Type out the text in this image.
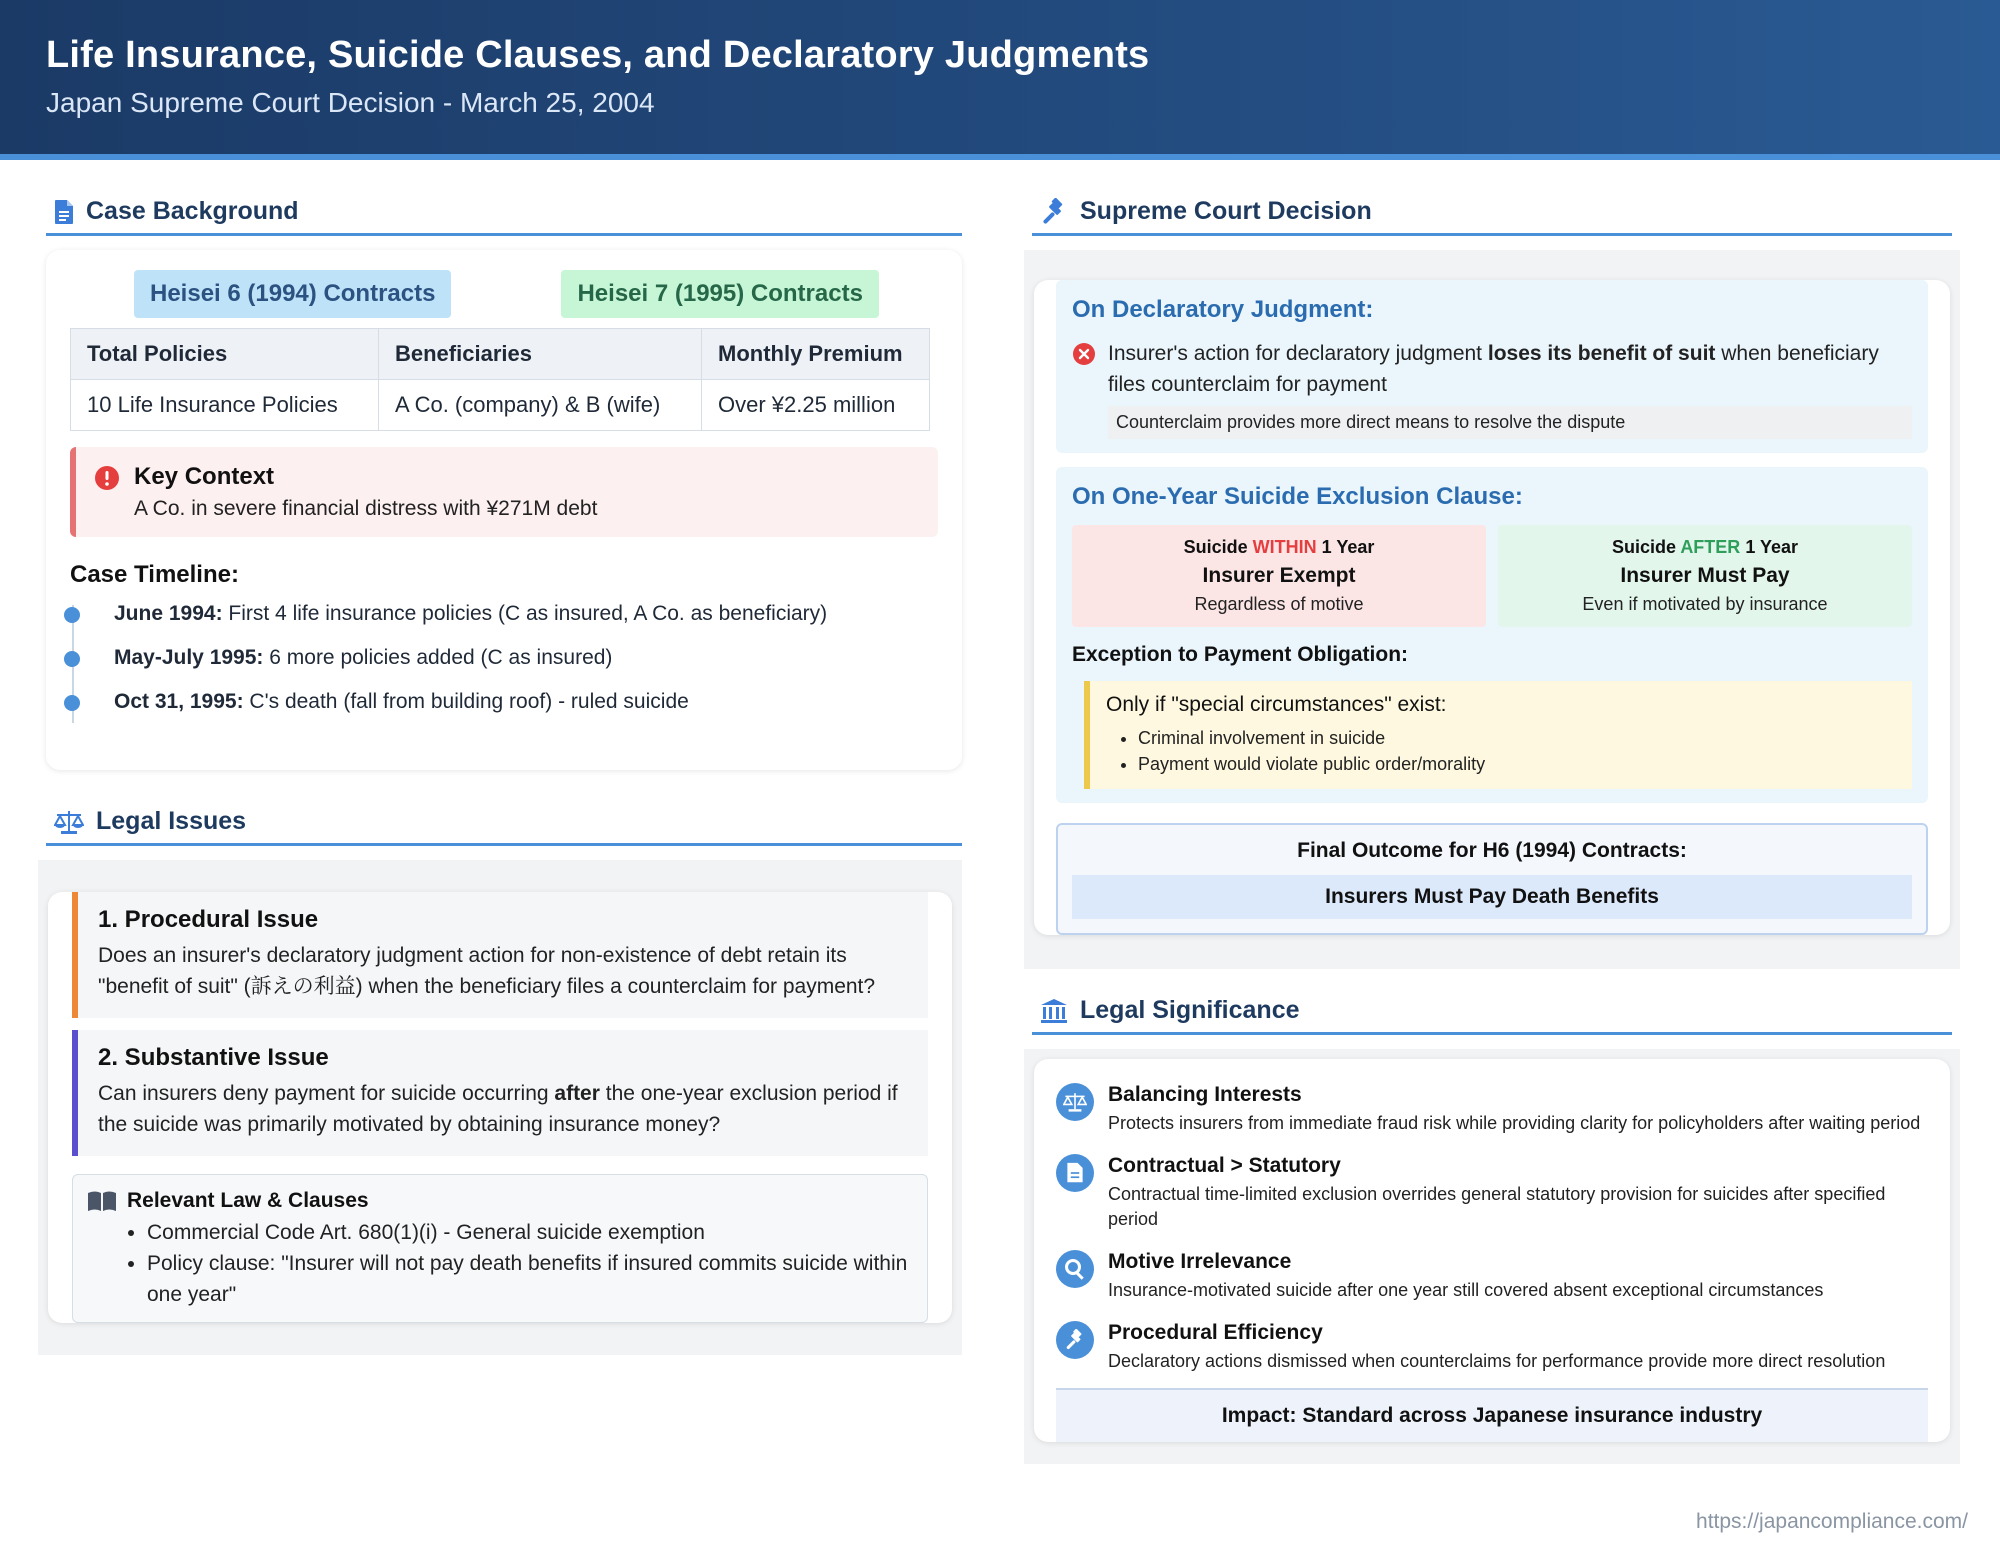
Life Insurance, Suicide Clauses, and Declaratory Judgments
Japan Supreme Court Decision - March 25, 2004
Case Background
Heisei 6 (1994) Contracts	Heisei 7 (1995) Contracts
Total Policies	Beneficiaries	Monthly Premium
10 Life Insurance Policies	A Co. (company) & B (wife)	Over ¥2.25 million
Key Context
A Co. in severe financial distress with ¥271M debt
Case Timeline:
June 1994: First 4 life insurance policies (C as insured, A Co. as beneficiary)
May-July 1995: 6 more policies added (C as insured)
Oct 31, 1995: C's death (fall from building roof) - ruled suicide
Legal Issues
1. Procedural Issue
Does an insurer's declaratory judgment action for non-existence of debt retain its "benefit of suit" (訴えの利益) when the beneficiary files a counterclaim for payment?
2. Substantive Issue
Can insurers deny payment for suicide occurring after the one-year exclusion period if the suicide was primarily motivated by obtaining insurance money?
Relevant Law & Clauses
• Commercial Code Art. 680(1)(i) - General suicide exemption
• Policy clause: "Insurer will not pay death benefits if insured commits suicide within one year"
Supreme Court Decision
On Declaratory Judgment:
Insurer's action for declaratory judgment loses its benefit of suit when beneficiary files counterclaim for payment
Counterclaim provides more direct means to resolve the dispute
On One-Year Suicide Exclusion Clause:
Suicide WITHIN 1 Year
Insurer Exempt
Regardless of motive
Suicide AFTER 1 Year
Insurer Must Pay
Even if motivated by insurance
Exception to Payment Obligation:
Only if "special circumstances" exist:
• Criminal involvement in suicide
• Payment would violate public order/morality
Final Outcome for H6 (1994) Contracts:
Insurers Must Pay Death Benefits
Legal Significance
Balancing Interests
Protects insurers from immediate fraud risk while providing clarity for policyholders after waiting period
Contractual > Statutory
Contractual time-limited exclusion overrides general statutory provision for suicides after specified period
Motive Irrelevance
Insurance-motivated suicide after one year still covered absent exceptional circumstances
Procedural Efficiency
Declaratory actions dismissed when counterclaims for performance provide more direct resolution
Impact: Standard across Japanese insurance industry
https://japancompliance.com/
